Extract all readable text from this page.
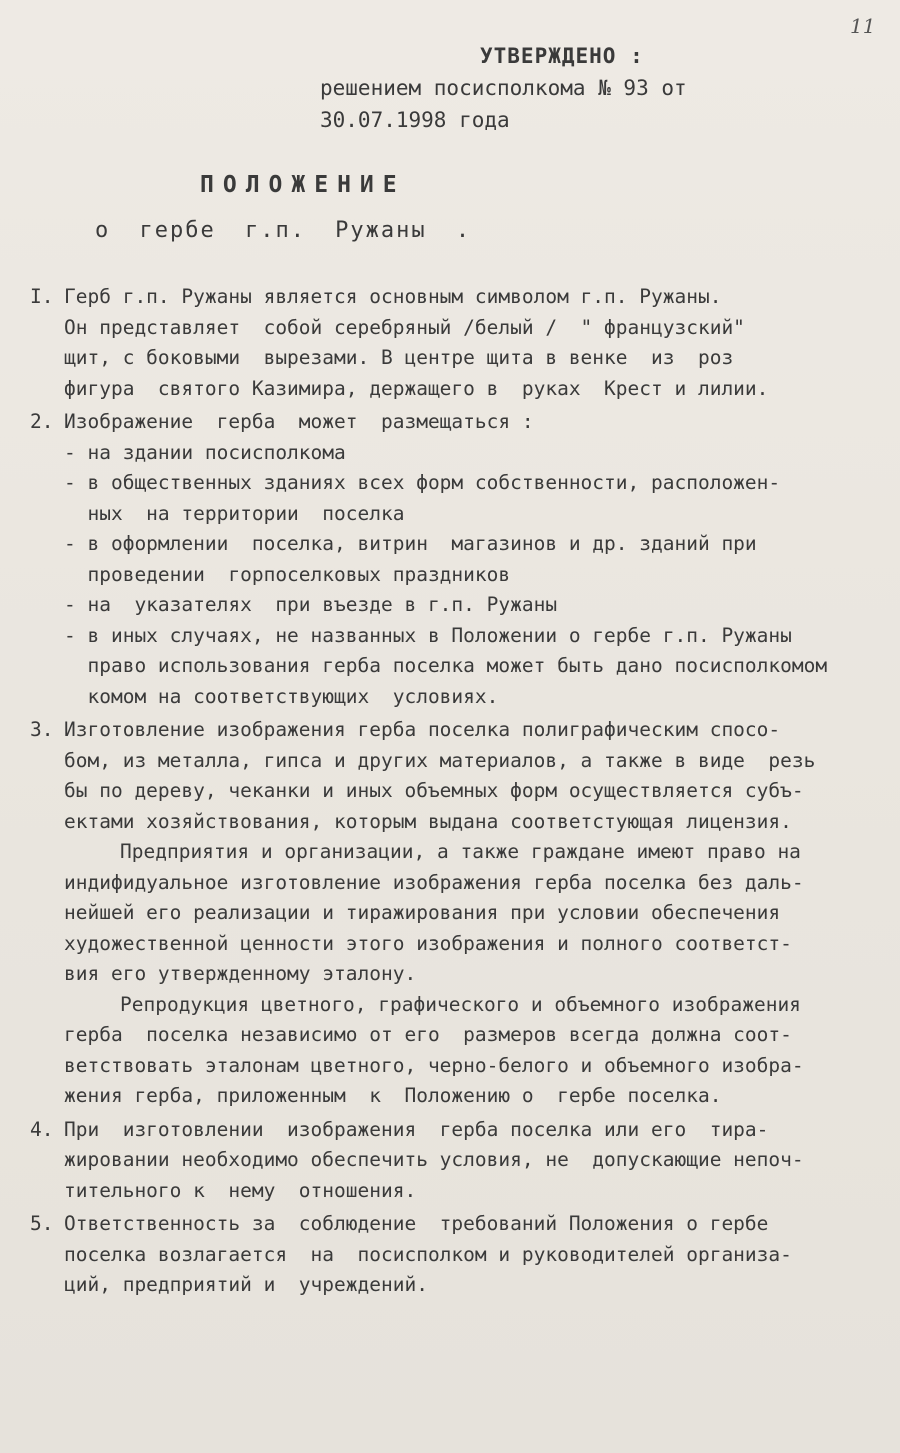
11
УТВЕРЖДЕНО :
решением посисполкома № 93 от
30.07.1998 года
ПОЛОЖЕНИЕ
о гербе г.п. Ружаны .
I. Герб г.п. Ружаны является основным символом г.п. Ружаны.
Он представляет  собой серебряный /белый /  " французский"
щит, с боковыми  вырезами. В центре щита в венке  из  роз
фигура  святого Казимира, держащего в  руках  Крест и лилии.
2. Изображение  герба  может  размещаться :
- на здании посисполкома
- в общественных зданиях всех форм собственности, расположен-
ных  на территории  поселка
- в оформлении  поселка, витрин  магазинов и др. зданий при
проведении  горпоселковых праздников
- на  указателях  при въезде в г.п. Ружаны
- в иных случаях, не названных в Положении о гербе г.п. Ружаны
право использования герба поселка может быть дано посисполкомом
комом на соответствующих  условиях.
3. Изготовление изображения герба поселка полиграфическим спосо-
бом, из металла, гипса и других материалов, а также в виде  резь
бы по дереву, чеканки и иных объемных форм осуществляется субъ-
ектами хозяйствования, которым выдана соответстующая лицензия.
Предприятия и организации, а также граждане имеют право на
индифидуальное изготовление изображения герба поселка без даль-
нейшей его реализации и тиражирования при условии обеспечения
художественной ценности этого изображения и полного соответст-
вия его утвержденному эталону.
Репродукция цветного, графического и объемного изображения
герба  поселка независимо от его  размеров всегда должна соот-
ветствовать эталонам цветного, черно-белого и объемного изобра-
жения герба, приложенным  к  Положению о  гербе поселка.
4. При  изготовлении  изображения  герба поселка или его  тира-
жировании необходимо обеспечить условия, не  допускающие непоч-
тительного к  нему  отношения.
5. Ответственность за  соблюдение  требований Положения о гербе
поселка возлагается  на  посисполком и руководителей организа-
ций, предприятий и  учреждений.
